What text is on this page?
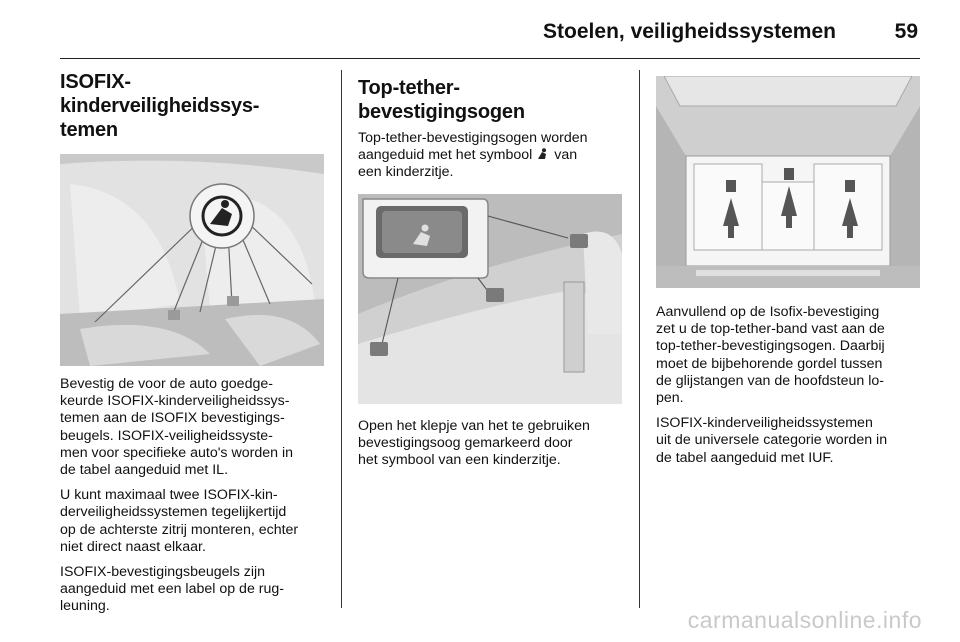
Stoelen, veiligheidssystemen	59
ISOFIX-kinderveiligheidssys-
temen

Bevestig de voor de auto goedge-
keurde ISOFIX-kinderveiligheidssys-
temen aan de ISOFIX bevestigings-
beugels. ISOFIX-veiligheidssyste-
men voor specifieke auto's worden in
de tabel aangeduid met IL.

U kunt maximaal twee ISOFIX-kin-
derveiligheidssystemen tegelijkertijd
op de achterste zitrij monteren, echter
niet direct naast elkaar.

ISOFIX-bevestigingsbeugels zijn
aangeduid met een label op de rug-
leuning.

Top-tether-bevestigingsogen

Top-tether-bevestigingsogen worden
aangeduid met het symbool van
een kinderzitje.

Open het klepje van het te gebruiken
bevestigingsoog gemarkeerd door
het symbool van een kinderzitje.

Aanvullend op de Isofix-bevestiging
zet u de top-tether-band vast aan de
top-tether-bevestigingsogen. Daarbij
moet de bijbehorende gordel tussen
de glijstangen van de hoofdsteun lo-
pen.

ISOFIX-kinderveiligheidssystemen
uit de universele categorie worden in
de tabel aangeduid met IUF.

carmanualsonline.info
